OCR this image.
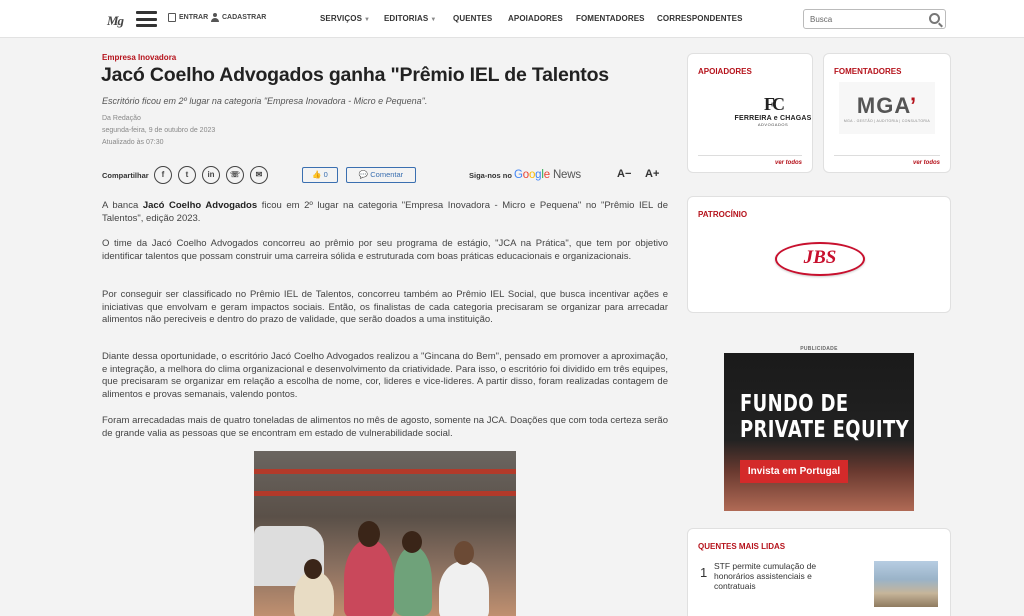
Mg	ENTRAR CADASTRAR	SERVIÇOS ▼ EDITORIAS ▼ QUENTES APOIADORES FOMENTADORES CORRESPONDENTES
Busca
Empresa Inovadora
Jacó Coelho Advogados ganha "Prêmio IEL de Talentos
Escritório ficou em 2º lugar na categoria "Empresa Inovadora - Micro e Pequena".
Da Redação
segunda-feira, 9 de outubro de 2023
Atualizado às 07:30
Compartilhar	f	t	in	☏	✉	👍 0	💬 Comentar	Siga-nos no Google News	A− A+

A banca Jacó Coelho Advogados ficou em 2º lugar na categoria "Empresa Inovadora - Micro e Pequena" no "Prêmio IEL de Talentos", edição 2023.

O time da Jacó Coelho Advogados concorreu ao prêmio por seu programa de estágio, "JCA na Prática", que tem por objetivo identificar talentos que possam construir uma carreira sólida e estruturada com boas práticas educacionais e organizacionais.

Por conseguir ser classificado no Prêmio IEL de Talentos, concorreu também ao Prêmio IEL Social, que busca incentivar ações e iniciativas que envolvam e geram impactos sociais. Então, os finalistas de cada categoria precisaram se organizar para arrecadar alimentos não pereciveis e dentro do prazo de validade, que serão doados a uma instituição.

Diante dessa oportunidade, o escritório Jacó Coelho Advogados realizou a "Gincana do Bem", pensado em promover a aproximação, e integração, a melhora do clima organizacional e desenvolvimento da criatividade. Para isso, o escritório foi dividido em três equipes, que precisaram se organizar em relação a escolha de nome, cor, lideres e vice-lideres. A partir disso, foram realizadas contagem de alimentos e provas semanais, valendo pontos.

Foram arrecadadas mais de quatro toneladas de alimentos no mês de agosto, somente na JCA. Doações que com toda certeza serão de grande valia as pessoas que se encontram em estado de vulnerabilidade social.

APOIADORES
FC
FERREIRA e CHAGAS
ADVOGADOS
ver todos
FOMENTADORES
MGA’
MGA - GESTÃO | AUDITORIA | CONSULTORIA
ver todos
PATROCÍNIO
JBS
PUBLICIDADE
FUNDO DE
PRIVATE EQUITY
Invista em Portugal
QUENTES MAIS LIDAS
1 STF permite cumulação de honorários assistenciais e contratuais
